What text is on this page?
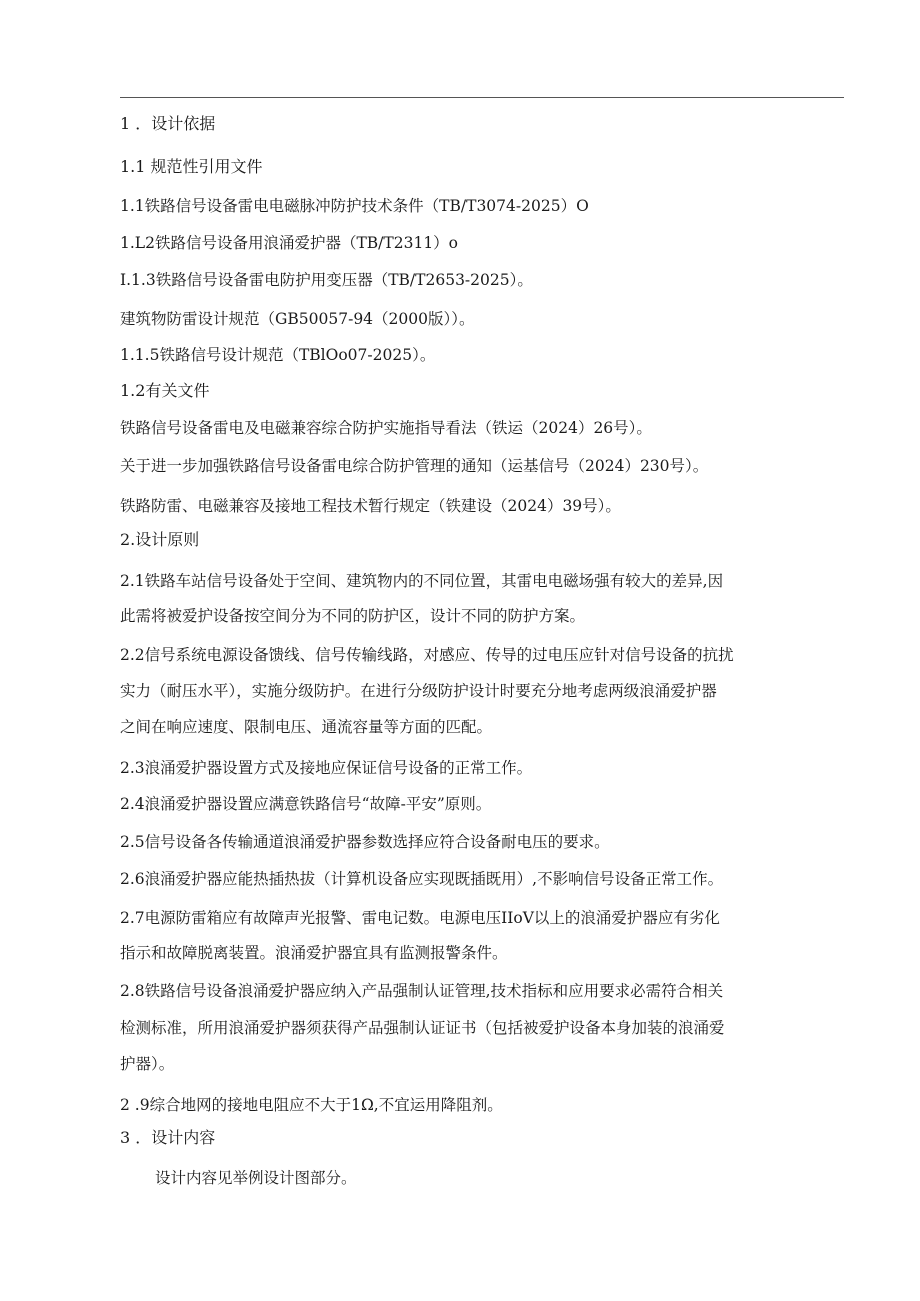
1 ．设计依据

1.1 规范性引用文件

1.1铁路信号设备雷电电磁脉冲防护技术条件（TB/T3074-2025）O

1.L2铁路信号设备用浪涌爱护器（TB/T2311）o

I.1.3铁路信号设备雷电防护用变压器（TB/T2653-2025）。

建筑物防雷设计规范（GB50057-94（2000版））。

1.1.5铁路信号设计规范（TBlOo07-2025）。

1.2有关文件

铁路信号设备雷电及电磁兼容综合防护实施指导看法（铁运（2024）26号）。

关于进一步加强铁路信号设备雷电综合防护管理的通知（运基信号（2024）230号）。

铁路防雷、电磁兼容及接地工程技术暂行规定（铁建设（2024）39号）。

2.设计原则

2.1铁路车站信号设备处于空间、建筑物内的不同位置，其雷电电磁场强有较大的差异,因

此需将被爱护设备按空间分为不同的防护区，设计不同的防护方案。

2.2信号系统电源设备馈线、信号传输线路，对感应、传导的过电压应针对信号设备的抗扰

实力（耐压水平），实施分级防护。在进行分级防护设计时要充分地考虑两级浪涌爱护器

之间在响应速度、限制电压、通流容量等方面的匹配。

2.3浪涌爱护器设置方式及接地应保证信号设备的正常工作。

2.4浪涌爱护器设置应满意铁路信号“故障-平安”原则。

2.5信号设备各传输通道浪涌爱护器参数选择应符合设备耐电压的要求。

2.6浪涌爱护器应能热插热拔（计算机设备应实现既插既用）,不影响信号设备正常工作。

2.7电源防雷箱应有故障声光报警、雷电记数。电源电压IIoV以上的浪涌爱护器应有劣化

指示和故障脱离装置。浪涌爱护器宜具有监测报警条件。

2.8铁路信号设备浪涌爱护器应纳入产品强制认证管理,技术指标和应用要求必需符合相关

检测标准，所用浪涌爱护器须获得产品强制认证证书（包括被爱护设备本身加装的浪涌爱

护器）。

2 .9综合地网的接地电阻应不大于1Ω,不宜运用降阻剂。

3 ．设计内容

设计内容见举例设计图部分。
